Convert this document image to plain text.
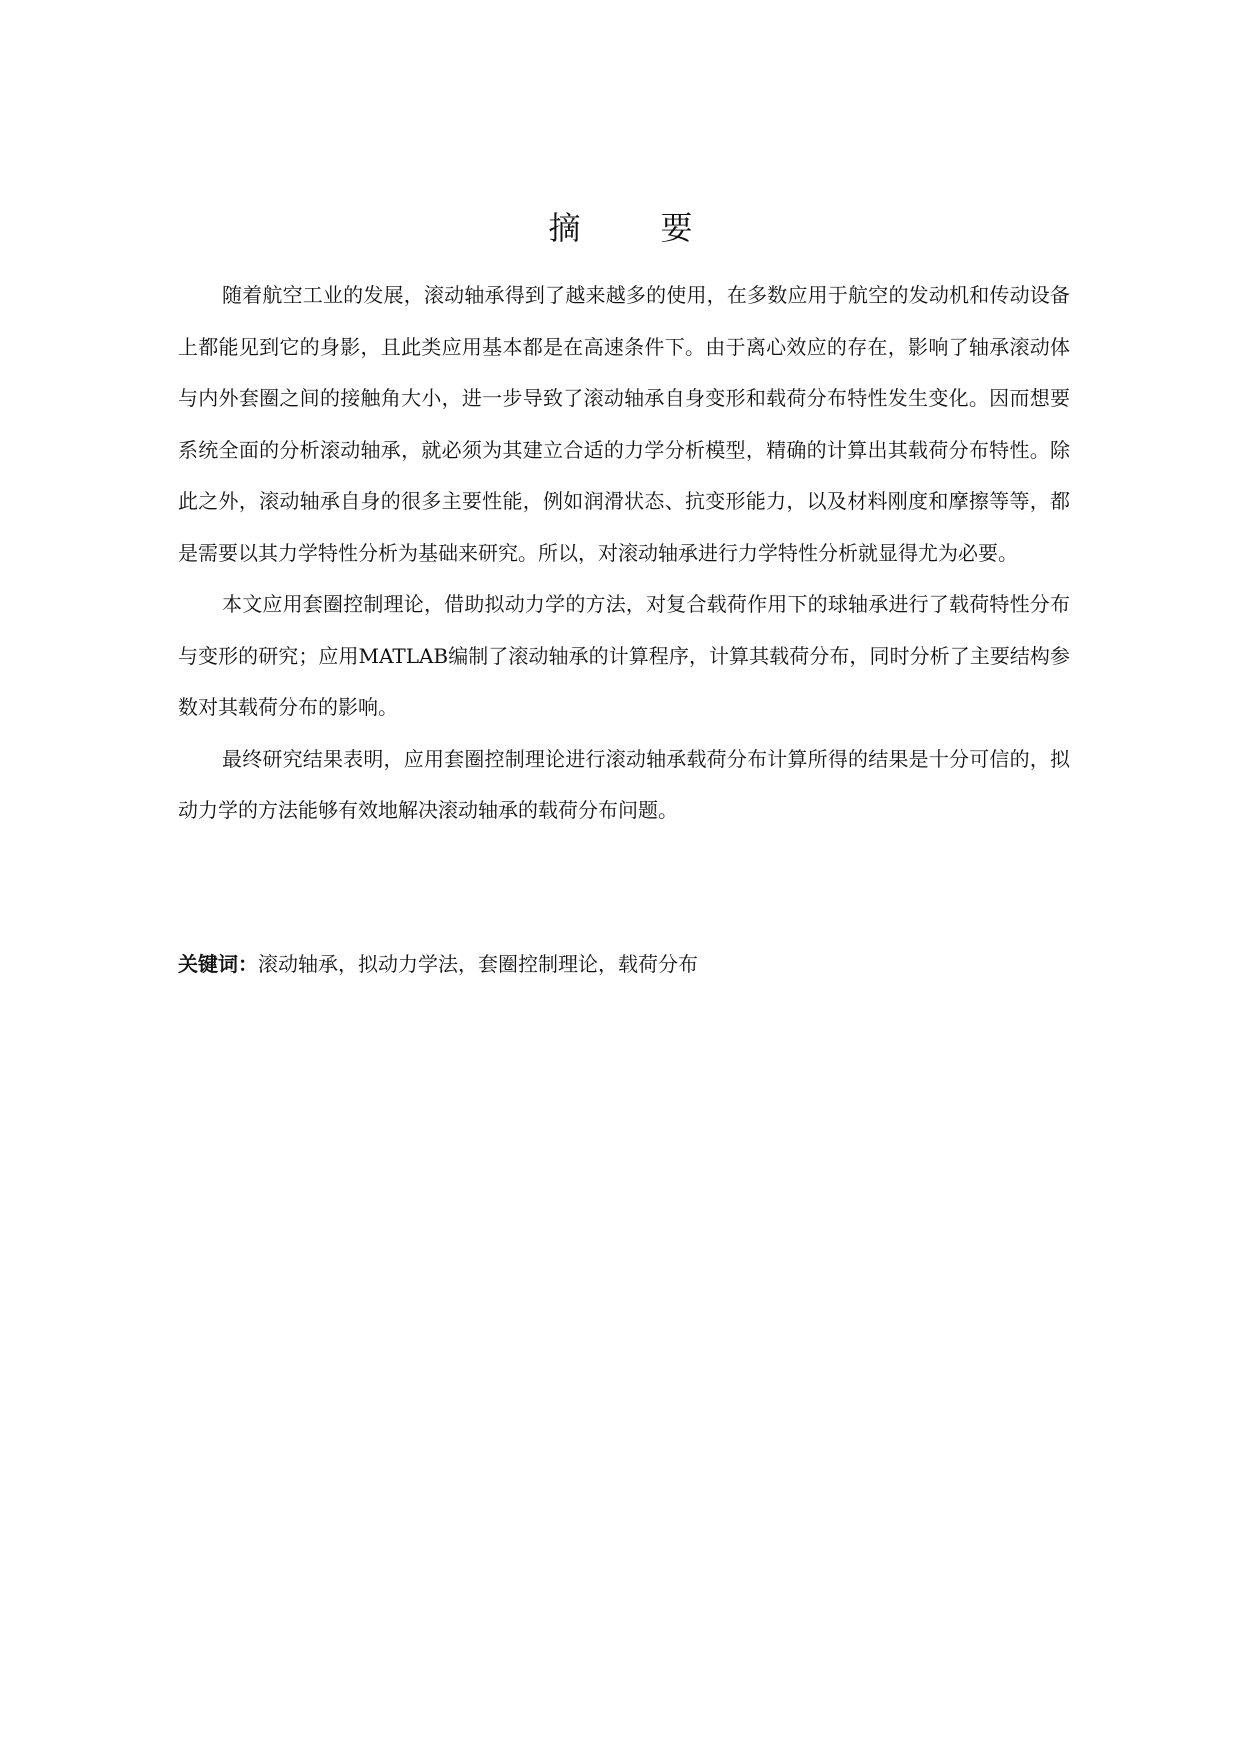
摘　要

随着航空工业的发展，滚动轴承得到了越来越多的使用，在多数应用于航空的发动机和传动设备上都能见到它的身影，且此类应用基本都是在高速条件下。由于离心效应的存在，影响了轴承滚动体与内外套圈之间的接触角大小，进一步导致了滚动轴承自身变形和载荷分布特性发生变化。因而想要系统全面的分析滚动轴承，就必须为其建立合适的力学分析模型，精确的计算出其载荷分布特性。除此之外，滚动轴承自身的很多主要性能，例如润滑状态、抗变形能力，以及材料刚度和摩擦等等，都是需要以其力学特性分析为基础来研究。所以，对滚动轴承进行力学特性分析就显得尤为必要。

本文应用套圈控制理论，借助拟动力学的方法，对复合载荷作用下的球轴承进行了载荷特性分布与变形的研究；应用MATLAB编制了滚动轴承的计算程序，计算其载荷分布，同时分析了主要结构参数对其载荷分布的影响。

最终研究结果表明，应用套圈控制理论进行滚动轴承载荷分布计算所得的结果是十分可信的，拟动力学的方法能够有效地解决滚动轴承的载荷分布问题。

关键词：滚动轴承，拟动力学法，套圈控制理论，载荷分布
